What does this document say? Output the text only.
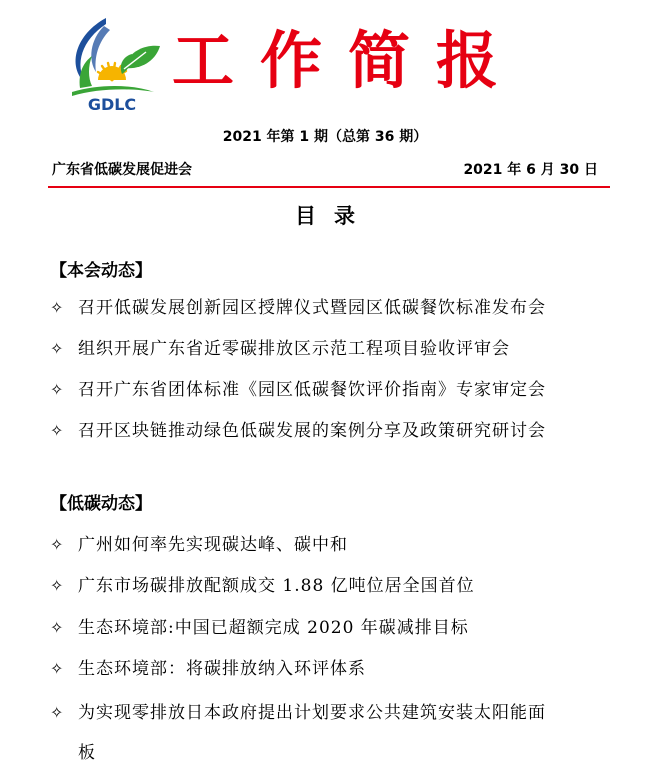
GDLC
工作简报
2021 年第 1 期（总第 36 期）
广东省低碳发展促进会	2021 年 6 月 30 日
目录
【本会动态】
✧ 召开低碳发展创新园区授牌仪式暨园区低碳餐饮标准发布会
✧ 组织开展广东省近零碳排放区示范工程项目验收评审会
✧ 召开广东省团体标准《园区低碳餐饮评价指南》专家审定会
✧ 召开区块链推动绿色低碳发展的案例分享及政策研究研讨会
【低碳动态】
✧ 广州如何率先实现碳达峰、碳中和
✧ 广东市场碳排放配额成交 1.88 亿吨位居全国首位
✧ 生态环境部:中国已超额完成 2020 年碳减排目标
✧ 生态环境部：将碳排放纳入环评体系
✧ 为实现零排放日本政府提出计划要求公共建筑安装太阳能面
板
